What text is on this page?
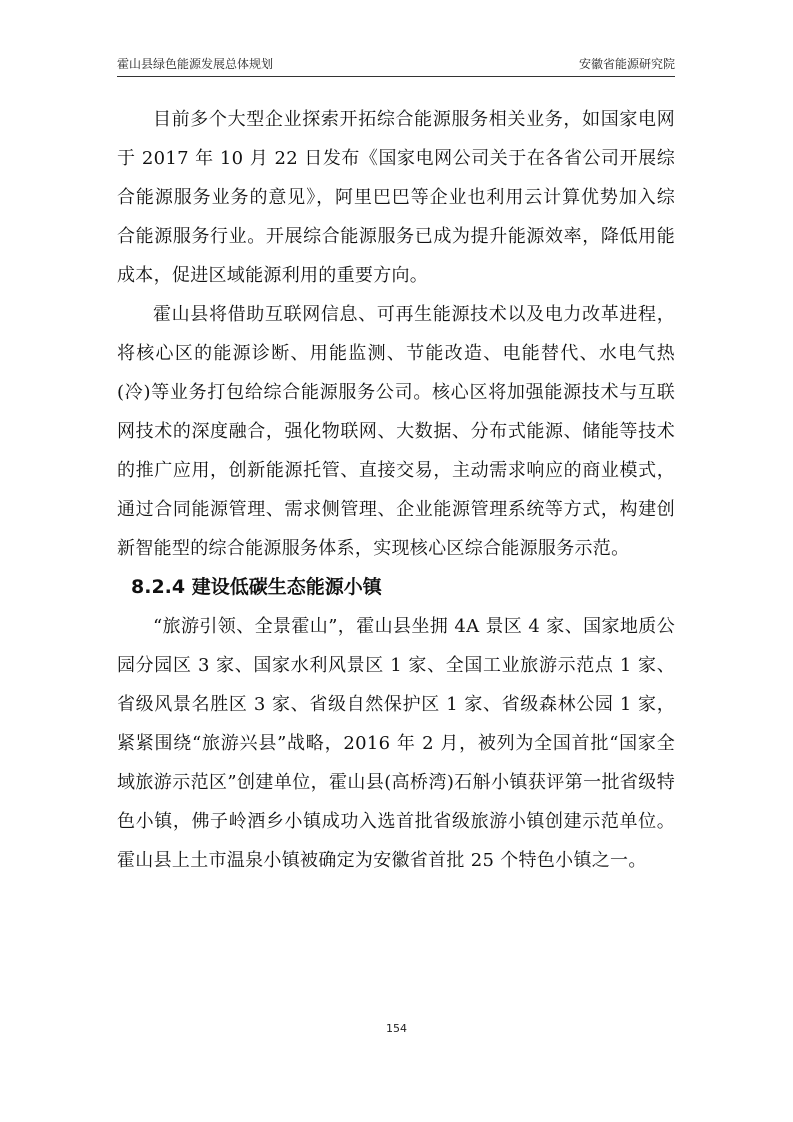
霍山县绿色能源发展总体规划	安徽省能源研究院

目前多个大型企业探索开拓综合能源服务相关业务，如国家电网于 2017 年 10 月 22 日发布《国家电网公司关于在各省公司开展综合能源服务业务的意见》，阿里巴巴等企业也利用云计算优势加入综合能源服务行业。开展综合能源服务已成为提升能源效率，降低用能成本，促进区域能源利用的重要方向。

霍山县将借助互联网信息、可再生能源技术以及电力改革进程，将核心区的能源诊断、用能监测、节能改造、电能替代、水电气热(冷)等业务打包给综合能源服务公司。核心区将加强能源技术与互联网技术的深度融合，强化物联网、大数据、分布式能源、储能等技术的推广应用，创新能源托管、直接交易，主动需求响应的商业模式，通过合同能源管理、需求侧管理、企业能源管理系统等方式，构建创新智能型的综合能源服务体系，实现核心区综合能源服务示范。

8.2.4 建设低碳生态能源小镇

“旅游引领、全景霍山”，霍山县坐拥 4A 景区 4 家、国家地质公园分园区 3 家、国家水利风景区 1 家、全国工业旅游示范点 1 家、省级风景名胜区 3 家、省级自然保护区 1 家、省级森林公园 1 家，紧紧围绕“旅游兴县”战略，2016 年 2 月，被列为全国首批“国家全域旅游示范区”创建单位，霍山县(高桥湾)石斛小镇获评第一批省级特色小镇，佛子岭酒乡小镇成功入选首批省级旅游小镇创建示范单位。霍山县上土市温泉小镇被确定为安徽省首批 25 个特色小镇之一。

154
